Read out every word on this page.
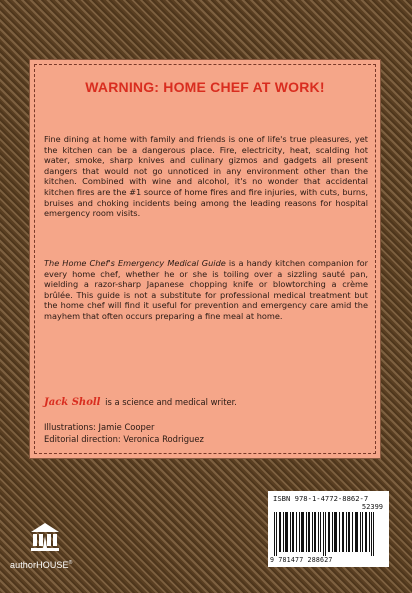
WARNING: HOME CHEF AT WORK!

Fine dining at home with family and friends is one of life's true pleasures, yet the kitchen can be a dangerous place. Fire, electricity, heat, scalding hot water, smoke, sharp knives and culinary gizmos and gadgets all present dangers that would not go unnoticed in any environment other than the kitchen. Combined with wine and alcohol, it's no wonder that accidental kitchen fires are the #1 source of home fires and fire injuries, with cuts, burns, bruises and choking incidents being among the leading reasons for hospital emergency room visits.

The Home Chef's Emergency Medical Guide is a handy kitchen companion for every home chef, whether he or she is toiling over a sizzling sauté pan, wielding a razor-sharp Japanese chopping knife or blowtorching a crème brûlée. This guide is not a substitute for professional medical treatment but the home chef will find it useful for prevention and emergency care amid the mayhem that often occurs preparing a fine meal at home.

Jack Sholl is a science and medical writer.
Illustrations: Jamie Cooper
Editorial direction: Veronica Rodriguez
ISBN 978-1-4772-8862-7
52399
9 781477 288627
authorHOUSE®
